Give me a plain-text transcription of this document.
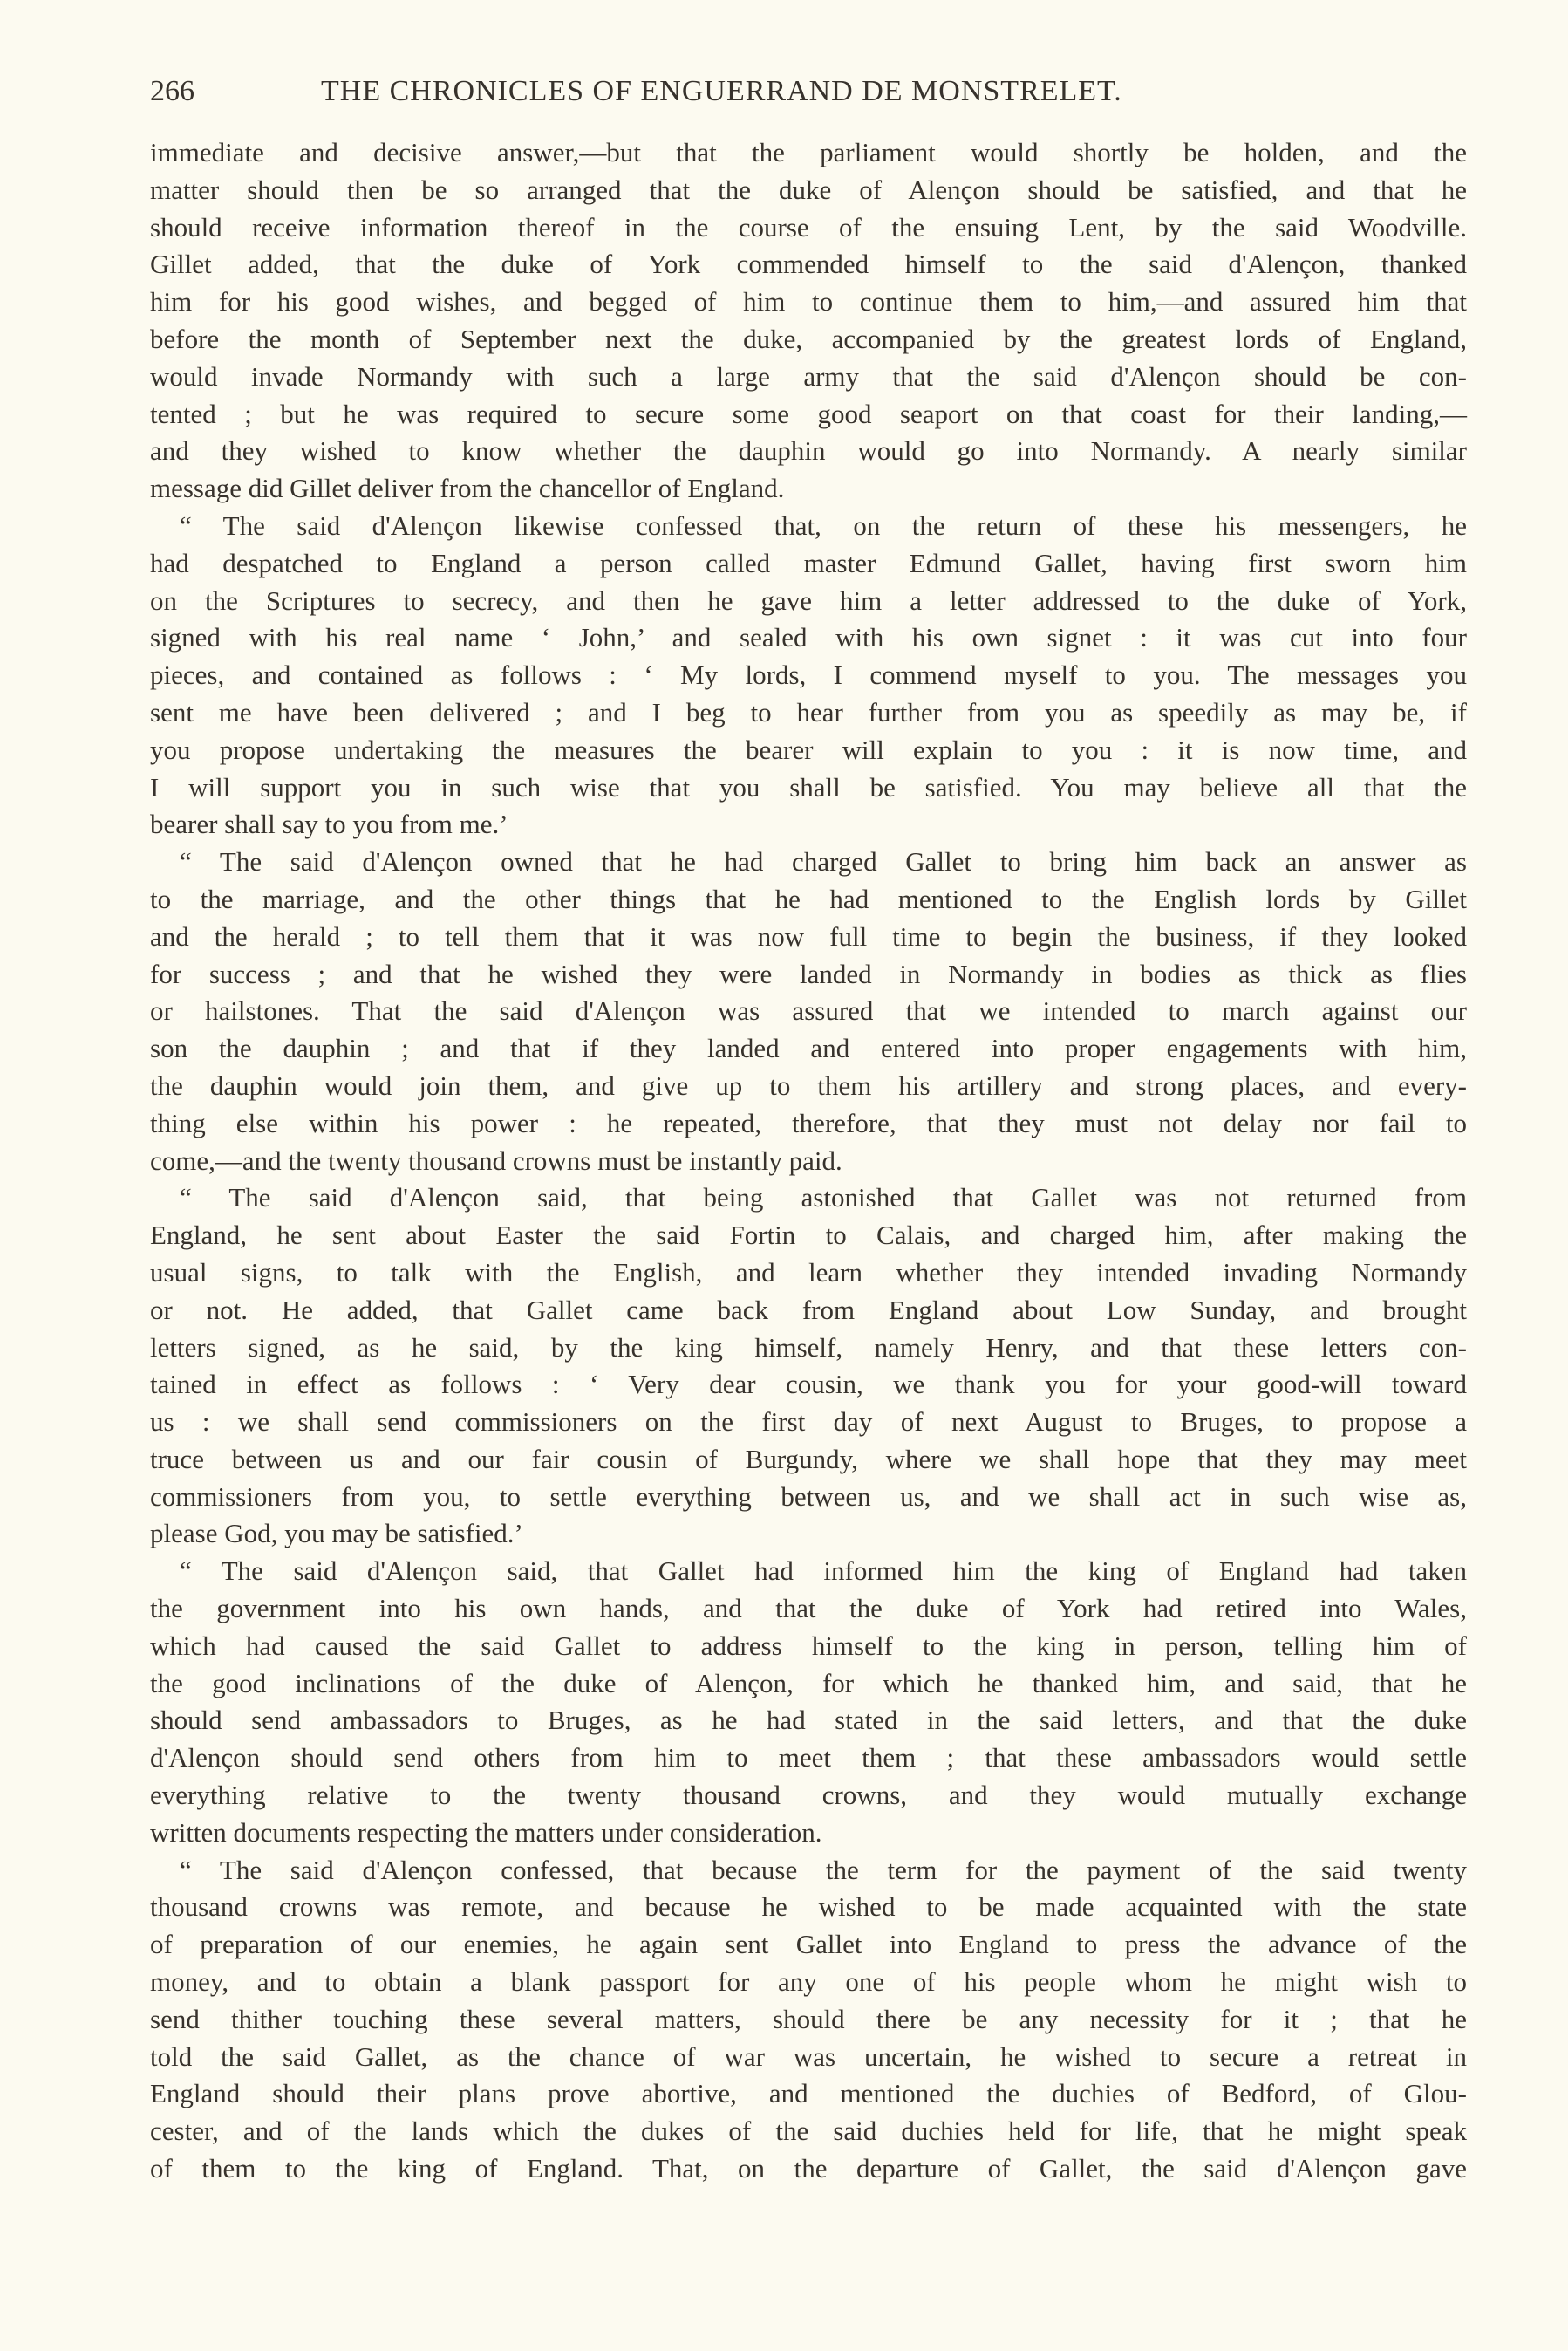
266	THE CHRONICLES OF ENGUERRAND DE MONSTRELET.
immediate and decisive answer,—but that the parliament would shortly be holden, and the
matter should then be so arranged that the duke of Alençon should be satisfied, and that he
should receive information thereof in the course of the ensuing Lent, by the said Woodville.
Gillet added, that the duke of York commended himself to the said d'Alençon, thanked
him for his good wishes, and begged of him to continue them to him,—and assured him that
before the month of September next the duke, accompanied by the greatest lords of England,
would invade Normandy with such a large army that the said d'Alençon should be con-
tented ; but he was required to secure some good seaport on that coast for their landing,—
and they wished to know whether the dauphin would go into Normandy. A nearly similar
message did Gillet deliver from the chancellor of England.
“ The said d'Alençon likewise confessed that, on the return of these his messengers, he
had despatched to England a person called master Edmund Gallet, having first sworn him
on the Scriptures to secrecy, and then he gave him a letter addressed to the duke of York,
signed with his real name ‘ John,’ and sealed with his own signet : it was cut into four
pieces, and contained as follows : ‘ My lords, I commend myself to you. The messages you
sent me have been delivered ; and I beg to hear further from you as speedily as may be, if
you propose undertaking the measures the bearer will explain to you : it is now time, and
I will support you in such wise that you shall be satisfied. You may believe all that the
bearer shall say to you from me.’
“ The said d'Alençon owned that he had charged Gallet to bring him back an answer as
to the marriage, and the other things that he had mentioned to the English lords by Gillet
and the herald ; to tell them that it was now full time to begin the business, if they looked
for success ; and that he wished they were landed in Normandy in bodies as thick as flies
or hailstones. That the said d'Alençon was assured that we intended to march against our
son the dauphin ; and that if they landed and entered into proper engagements with him,
the dauphin would join them, and give up to them his artillery and strong places, and every-
thing else within his power : he repeated, therefore, that they must not delay nor fail to
come,—and the twenty thousand crowns must be instantly paid.
“ The said d'Alençon said, that being astonished that Gallet was not returned from
England, he sent about Easter the said Fortin to Calais, and charged him, after making the
usual signs, to talk with the English, and learn whether they intended invading Normandy
or not. He added, that Gallet came back from England about Low Sunday, and brought
letters signed, as he said, by the king himself, namely Henry, and that these letters con-
tained in effect as follows : ‘ Very dear cousin, we thank you for your good-will toward
us : we shall send commissioners on the first day of next August to Bruges, to propose a
truce between us and our fair cousin of Burgundy, where we shall hope that they may meet
commissioners from you, to settle everything between us, and we shall act in such wise as,
please God, you may be satisfied.’
“ The said d'Alençon said, that Gallet had informed him the king of England had taken
the government into his own hands, and that the duke of York had retired into Wales,
which had caused the said Gallet to address himself to the king in person, telling him of
the good inclinations of the duke of Alençon, for which he thanked him, and said, that he
should send ambassadors to Bruges, as he had stated in the said letters, and that the duke
d'Alençon should send others from him to meet them ; that these ambassadors would settle
everything relative to the twenty thousand crowns, and they would mutually exchange
written documents respecting the matters under consideration.
“ The said d'Alençon confessed, that because the term for the payment of the said twenty
thousand crowns was remote, and because he wished to be made acquainted with the state
of preparation of our enemies, he again sent Gallet into England to press the advance of the
money, and to obtain a blank passport for any one of his people whom he might wish to
send thither touching these several matters, should there be any necessity for it ; that he
told the said Gallet, as the chance of war was uncertain, he wished to secure a retreat in
England should their plans prove abortive, and mentioned the duchies of Bedford, of Glou-
cester, and of the lands which the dukes of the said duchies held for life, that he might speak
of them to the king of England. That, on the departure of Gallet, the said d'Alençon gave
